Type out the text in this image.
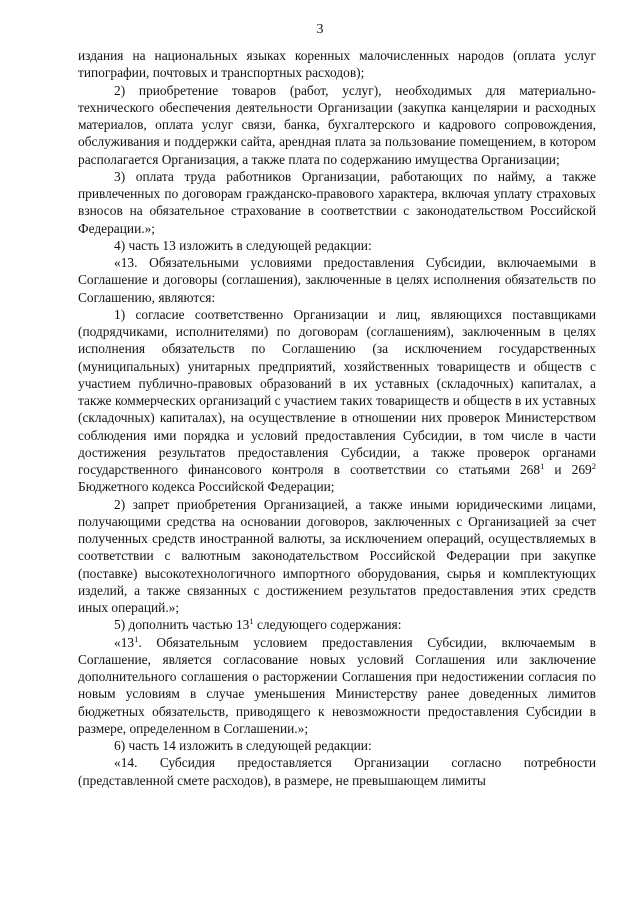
3

издания на национальных языках коренных малочисленных народов (оплата услуг типографии, почтовых и транспортных расходов);

2) приобретение товаров (работ, услуг), необходимых для материально-технического обеспечения деятельности Организации (закупка канцелярии и расходных материалов, оплата услуг связи, банка, бухгалтерского и кадрового сопровождения, обслуживания и поддержки сайта, арендная плата за пользование помещением, в котором располагается Организация, а также плата по содержанию имущества Организации;

3) оплата труда работников Организации, работающих по найму, а также привлеченных по договорам гражданско-правового характера, включая уплату страховых взносов на обязательное страхование в соответствии с законодательством Российской Федерации.»;

4) часть 13 изложить в следующей редакции:

«13. Обязательными условиями предоставления Субсидии, включаемыми в Соглашение и договоры (соглашения), заключенные в целях исполнения обязательств по Соглашению, являются:

1) согласие соответственно Организации и лиц, являющихся поставщиками (подрядчиками, исполнителями) по договорам (соглашениям), заключенным в целях исполнения обязательств по Соглашению (за исключением государственных (муниципальных) унитарных предприятий, хозяйственных товариществ и обществ с участием публично-правовых образований в их уставных (складочных) капиталах, а также коммерческих организаций с участием таких товариществ и обществ в их уставных (складочных) капиталах), на осуществление в отношении них проверок Министерством соблюдения ими порядка и условий предоставления Субсидии, в том числе в части достижения результатов предоставления Субсидии, а также проверок органами государственного финансового контроля в соответствии со статьями $268^1$ и $269^2$ Бюджетного кодекса Российской Федерации;

2) запрет приобретения Организацией, а также иными юридическими лицами, получающими средства на основании договоров, заключенных с Организацией за счет полученных средств иностранной валюты, за исключением операций, осуществляемых в соответствии с валютным законодательством Российской Федерации при закупке (поставке) высокотехнологичного импортного оборудования, сырья и комплектующих изделий, а также связанных с достижением результатов предоставления этих средств иных операций.»;

5) дополнить частью $13^1$ следующего содержания:

«$13^1$. Обязательным условием предоставления Субсидии, включаемым в Соглашение, является согласование новых условий Соглашения или заключение дополнительного соглашения о расторжении Соглашения при недостижении согласия по новым условиям в случае уменьшения Министерству ранее доведенных лимитов бюджетных обязательств, приводящего к невозможности предоставления Субсидии в размере, определенном в Соглашении.»;

6) часть 14 изложить в следующей редакции:

«14. Субсидия предоставляется Организации согласно потребности (представленной смете расходов), в размере, не превышающем лимиты
